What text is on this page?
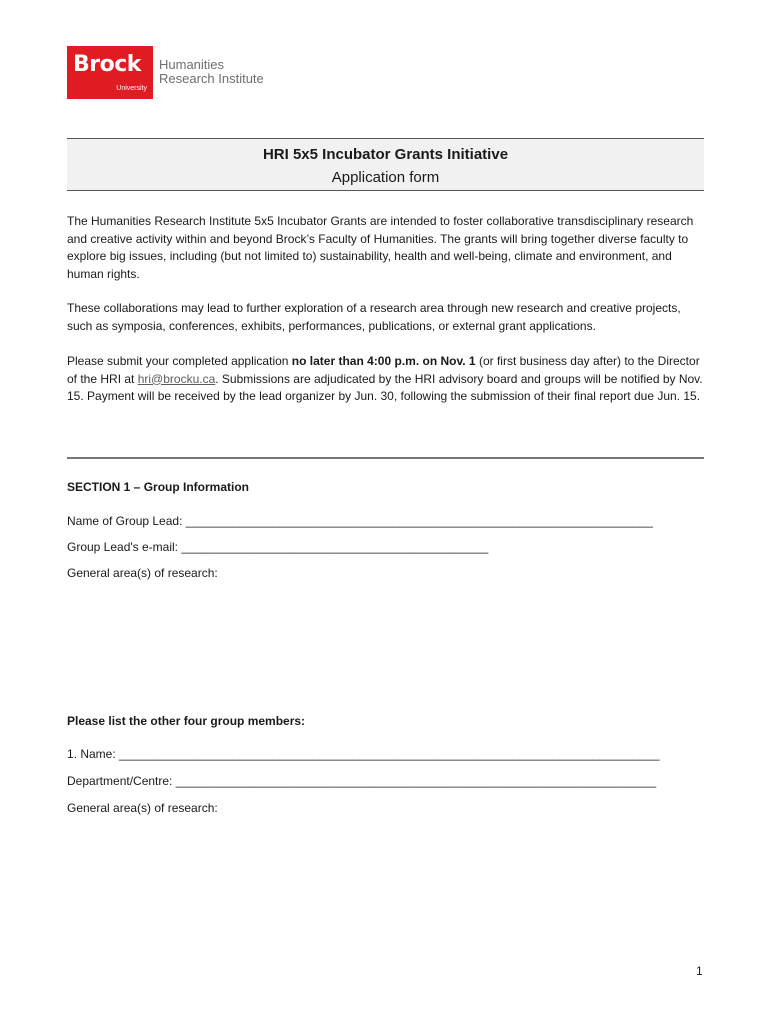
Brock
University
Humanities
Research Institute
HRI 5x5 Incubator Grants Initiative
Application form

The Humanities Research Institute 5x5 Incubator Grants are intended to foster collaborative transdisciplinary research and creative activity within and beyond Brock’s Faculty of Humanities. The grants will bring together diverse faculty to explore big issues, including (but not limited to) sustainability, health and well-being, climate and environment, and human rights.

These collaborations may lead to further exploration of a research area through new research and creative projects, such as symposia, conferences, exhibits, performances, publications, or external grant applications.

Please submit your completed application no later than 4:00 p.m. on Nov. 1 (or first business day after) to the Director of the HRI at hri@brocku.ca. Submissions are adjudicated by the HRI advisory board and groups will be notified by Nov. 15. Payment will be received by the lead organizer by Jun. 30, following the submission of their final report due Jun. 15.

SECTION 1 – Group Information
Name of Group Lead: ______________________________________________________________________
Group Lead's e-mail: ______________________________________________
General area(s) of research:
Please list the other four group members:
1. Name: _________________________________________________________________________________
Department/Centre: ________________________________________________________________________
General area(s) of research:
1
